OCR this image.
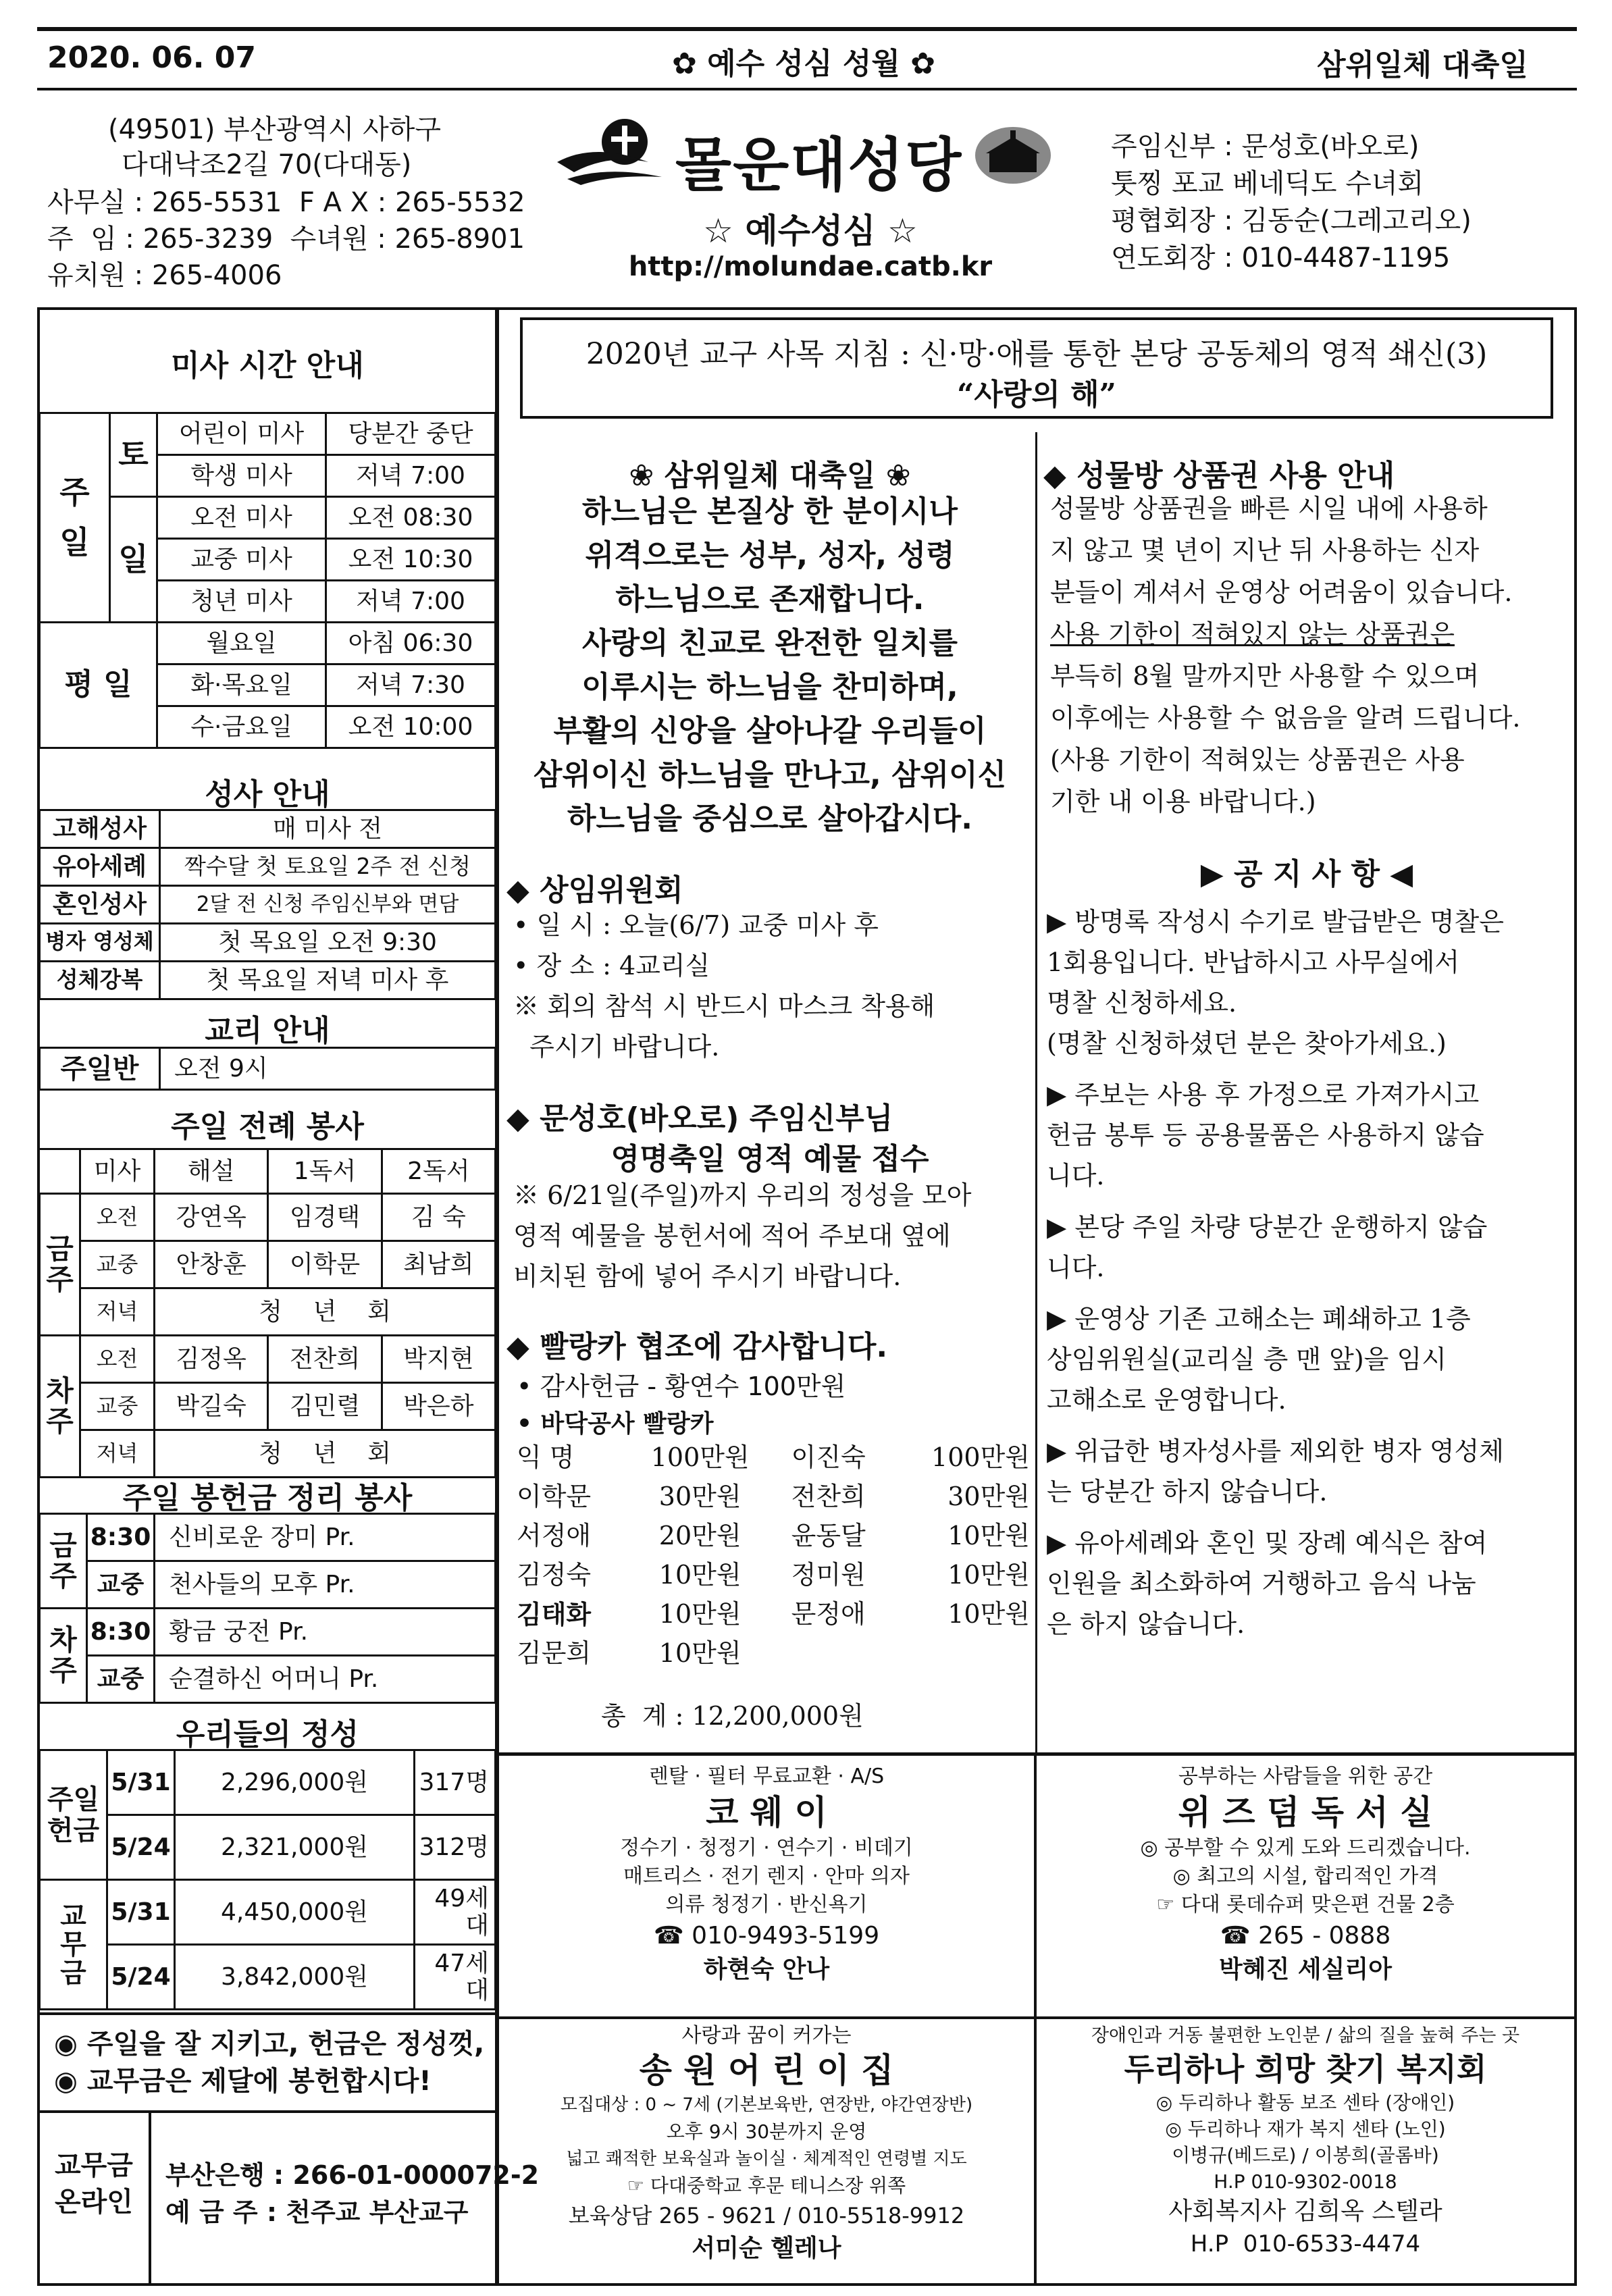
2020. 06. 07	✿ 예수 성심 성월 ✿	삼위일체 대축일
(49501) 부산광역시 사하구
다대낙조2길 70(다대동)
사무실 : 265-5531  F A X : 265-5532
주  임 : 265-3239  수녀원 : 265-8901
유치원 : 265-4006
몰운대성당
☆ 예수성심 ☆
http://molundae.catb.kr
주임신부 : 문성호(바오로)
툿찡 포교 베네딕도 수녀회
평협회장 : 김동순(그레고리오)
연도회장 : 010-4487-1195
미사 시간 안내
주
일	토	어린이 미사	당분간 중단
		학생 미사	저녁 7:00
	일	오전 미사	오전 08:30
		교중 미사	오전 10:30
		청년 미사	저녁 7:00
평 일		월요일	아침 06:30
		화·목요일	저녁 7:30
		수·금요일	오전 10:00
성사 안내
고해성사	매 미사 전
유아세례	짝수달 첫 토요일 2주 전 신청
혼인성사	2달 전 신청 주임신부와 면담
병자 영성체	첫 목요일 오전 9:30
성체강복	첫 목요일 저녁 미사 후
교리 안내
주일반	오전 9시
주일 전례 봉사
	미사	해설	1독서	2독서
금
주	오전	강연옥	임경택	김 숙
	교중	안창훈	이학문	최남희
	저녁	청    년    회		
차
주	오전	김정옥	전찬희	박지현
	교중	박길숙	김민렬	박은하
	저녁	청    년    회		
주일 봉헌금 정리 봉사
금
주	8:30	신비로운 장미 Pr.
	교중	천사들의 모후 Pr.
차
주	8:30	황금 궁전 Pr.
	교중	순결하신 어머니 Pr.
우리들의 정성
주일
헌금	5/31	2,296,000원	317명
	5/24	2,321,000원	312명
교
무
금	5/31	4,450,000원	49세대
	5/24	3,842,000원	47세대
◉ 주일을 잘 지키고, 헌금은 정성껏,
◉ 교무금은 제달에 봉헌합시다!
교무금
온라인
부산은행 : 266-01-000072-2
예 금 주 : 천주교 부산교구
2020년 교구 사목 지침 : 신·망·애를 통한 본당 공동체의 영적 쇄신(3)
“사랑의 해”
❀ 삼위일체 대축일 ❀
하느님은 본질상 한 분이시나
위격으로는 성부, 성자, 성령
하느님으로 존재합니다.
사랑의 친교로 완전한 일치를
이루시는 하느님을 찬미하며,
부활의 신앙을 살아나갈 우리들이
삼위이신 하느님을 만나고, 삼위이신
하느님을 중심으로 살아갑시다.
◆ 상임위원회
• 일 시 : 오늘(6/7) 교중 미사 후
• 장 소 : 4교리실
※ 회의 참석 시 반드시 마스크 착용해
주시기 바랍니다.
◆ 문성호(바오로) 주임신부님
영명축일 영적 예물 접수
※ 6/21일(주일)까지 우리의 정성을 모아
영적 예물을 봉헌서에 적어 주보대 옆에
비치된 함에 넣어 주시기 바랍니다.
◆ 빨랑카 협조에 감사합니다.
• 감사헌금 - 황연수 100만원
• 바닥공사 빨랑카
익 명	100만원	이진숙	100만원
이학문	30만원	전찬희	30만원
서정애	20만원	윤동달	10만원
김정숙	10만원	정미원	10만원
김태화	10만원	문정애	10만원
김문희	10만원		
총  계 : 12,200,000원
◆ 성물방 상품권 사용 안내
성물방 상품권을 빠른 시일 내에 사용하
지 않고 몇 년이 지난 뒤 사용하는 신자
분들이 계셔서 운영상 어려움이 있습니다.
사용 기한이 적혀있지 않는 상품권은
부득히 8월 말까지만 사용할 수 있으며
이후에는 사용할 수 없음을 알려 드립니다.
(사용 기한이 적혀있는 상품권은 사용
기한 내 이용 바랍니다.)
▶ 공 지 사 항 ◀
▶ 방명록 작성시 수기로 발급받은 명찰은
1회용입니다. 반납하시고 사무실에서
명찰 신청하세요.
(명찰 신청하셨던 분은 찾아가세요.)
▶ 주보는 사용 후 가정으로 가져가시고
헌금 봉투 등 공용물품은 사용하지 않습
니다.
▶ 본당 주일 차량 당분간 운행하지 않습
니다.
▶ 운영상 기존 고해소는 폐쇄하고 1층
상임위원실(교리실 층 맨 앞)을 임시
고해소로 운영합니다.
▶ 위급한 병자성사를 제외한 병자 영성체
는 당분간 하지 않습니다.
▶ 유아세례와 혼인 및 장례 예식은 참여
인원을 최소화하여 거행하고 음식 나눔
은 하지 않습니다.
렌탈 · 필터 무료교환 · A/S
코 웨 이
정수기 · 청정기 · 연수기 · 비데기
매트리스 · 전기 렌지 · 안마 의자
의류 청정기 · 반신욕기
☎ 010-9493-5199
하현숙 안나
공부하는 사람들을 위한 공간
위 즈 덤 독 서 실
◎ 공부할 수 있게 도와 드리겠습니다.
◎ 최고의 시설, 합리적인 가격
☞ 다대 롯데슈퍼 맞은편 건물 2층
☎ 265 - 0888
박혜진 세실리아
사랑과 꿈이 커가는
송 원 어 린 이 집
모집대상 : 0 ~ 7세 (기본보육반, 연장반, 야간연장반)
오후 9시 30분까지 운영
넓고 쾌적한 보육실과 놀이실 · 체계적인 연령별 지도
☞ 다대중학교 후문 테니스장 위쪽
보육상담 265 - 9621 / 010-5518-9912
서미순 헬레나
장애인과 거동 불편한 노인분 / 삶의 질을 높혀 주는 곳
두리하나 희망 찾기 복지회
◎ 두리하나 활동 보조 센타 (장애인)
◎ 두리하나 재가 복지 센타 (노인)
이병규(베드로) / 이봉희(골롬바)
H.P 010-9302-0018
사회복지사 김희옥 스텔라
H.P  010-6533-4474
